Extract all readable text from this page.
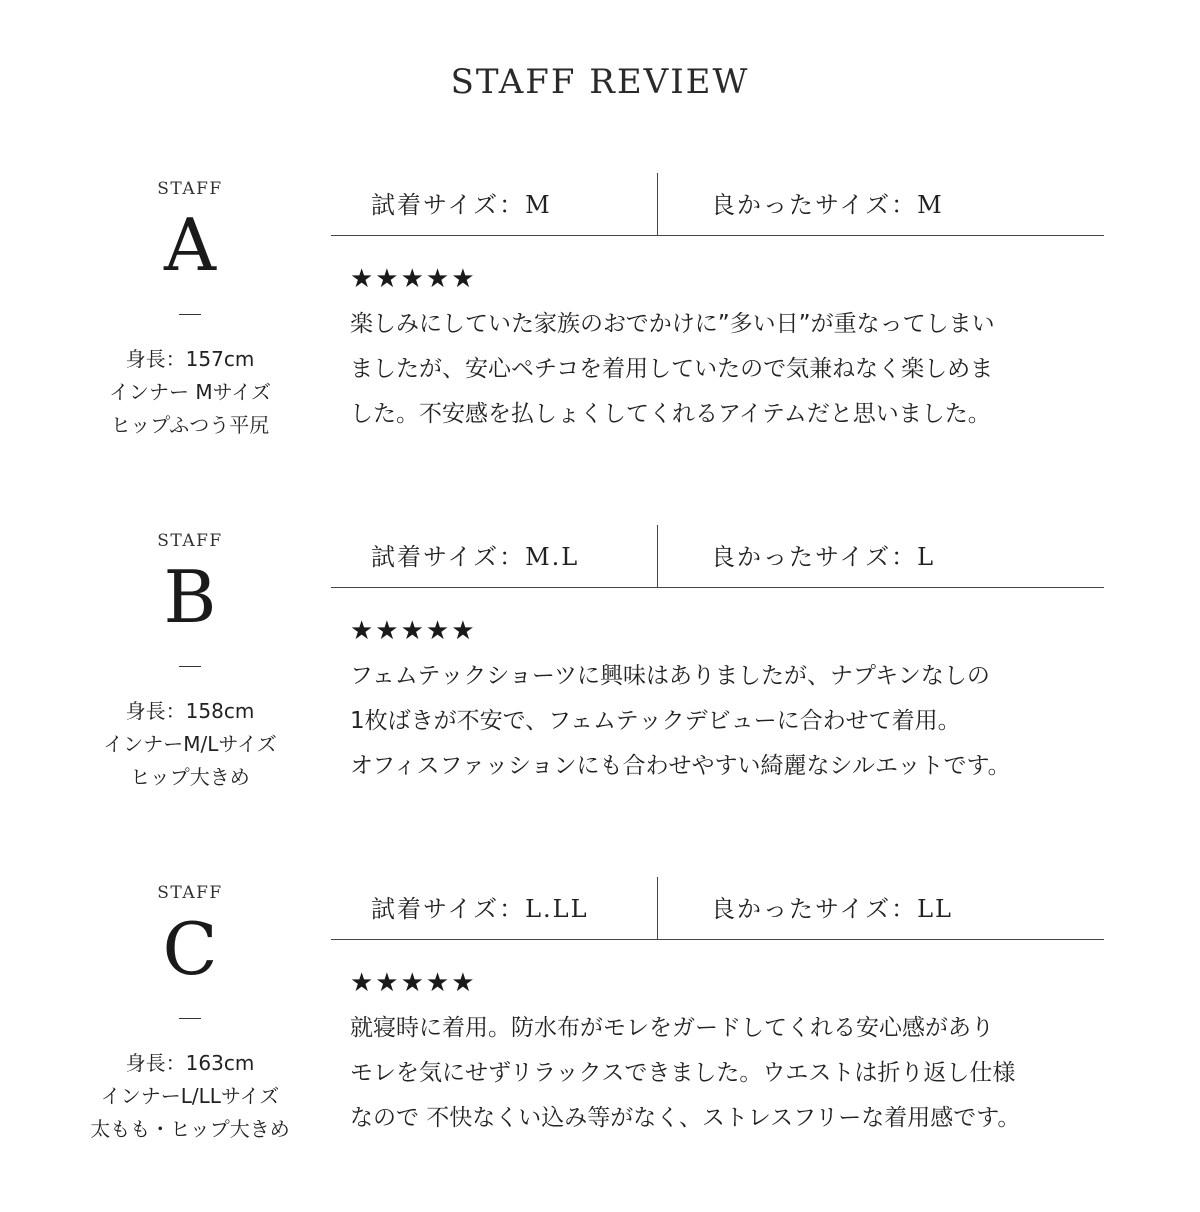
STAFF REVIEW
STAFF
A
身長：157cm
インナー Mサイズ
ヒップふつう平尻
試着サイズ：M	良かったサイズ：M
★★★★★
楽しみにしていた家族のおでかけに”多い日”が重なってしまい
ましたが、安心ペチコを着用していたので気兼ねなく楽しめま
した。不安感を払しょくしてくれるアイテムだと思いました。
STAFF
B
身長：158cm
インナーM/Lサイズ
ヒップ大きめ
試着サイズ：M.L	良かったサイズ：L
★★★★★
フェムテックショーツに興味はありましたが、ナプキンなしの
1枚ばきが不安で、フェムテックデビューに合わせて着用。
オフィスファッションにも合わせやすい綺麗なシルエットです。
STAFF
C
身長：163cm
インナーL/LLサイズ
太もも・ヒップ大きめ
試着サイズ：L.LL	良かったサイズ：LL
★★★★★
就寝時に着用。防水布がモレをガードしてくれる安心感があり
モレを気にせずリラックスできました。ウエストは折り返し仕様
なので 不快なくい込み等がなく、ストレスフリーな着用感です。
